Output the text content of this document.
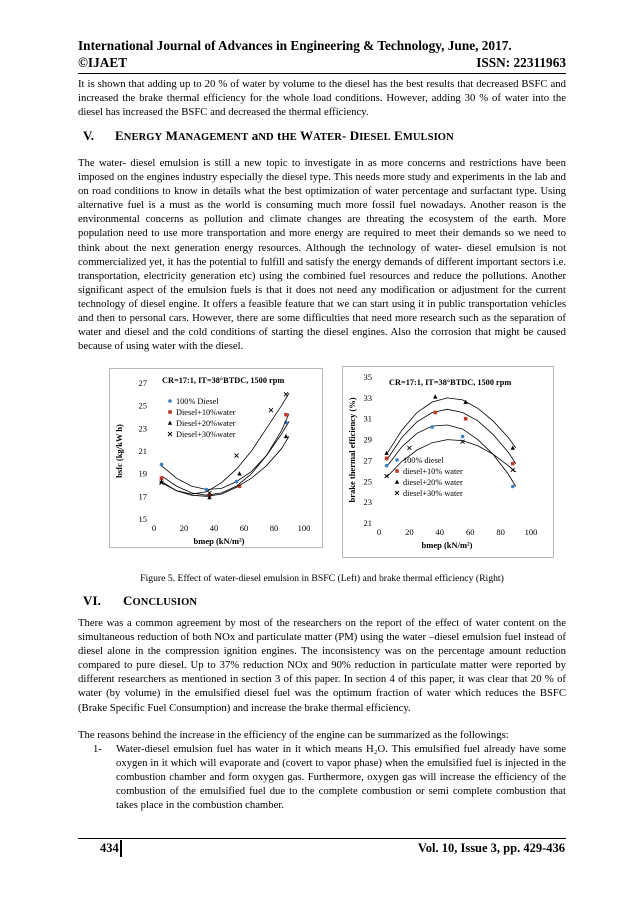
International Journal of Advances in Engineering & Technology, June, 2017.
©IJAET	ISSN: 22311963
It is shown that adding up to 20 % of water by volume to the diesel has the best results that decreased BSFC and increased the brake thermal efficiency for the whole load conditions. However, adding 30 % of water into the diesel has increased the BSFC and decreased the thermal efficiency.
V. ENERGY MANAGEMENT aND tHE WATER- DIESEL EMULSION
The water- diesel emulsion is still a new topic to investigate in as more concerns and restrictions have been imposed on the engines industry especially the diesel type. This needs more study and experiments in the lab and on road conditions to know in details what the best optimization of water percentage and surfactant type. Using alternative fuel is a must as the world is consuming much more fossil fuel nowadays. Another reason is the environmental concerns as pollution and climate changes are threating the ecosystem of the earth. More population need to use more transportation and more energy are required to meet their demands so we need to think about the next generation energy resources. Although the technology of water- diesel emulsion is not commercialized yet, it has the potential to fulfill and satisfy the energy demands of different important sectors i.e. transportation, electricity generation etc) using the combined fuel resources and reduce the pollutions. Another significant aspect of the emulsion fuels is that it does not need any modification or adjustment for the current technology of diesel engine. It offers a feasible feature that we can start using it in public transportation vehicles and then to personal cars. However, there are some difficulties that need more research such as the separation of water and diesel and the cold conditions of starting the diesel engines. Also the corrosion that might be caused because of using water with the diesel.
15
17
19
21
23
25
27
0	20	40	60	80 100
bmep (kN/m²)
bsfc (kg/kW h)
CR=17:1, IT=38°BTDC, 1500 rpm
100% Diesel
Diesel+10%water
Diesel+20%water
Diesel+30%water
21
23
25
27
29
31
33
35
0	20	40	60	80 100
bmep (kN/m²)
brake thermal efficiency (%)
CR=17:1, IT=38°BTDC, 1500 rpm
100% diesel
diesel+10% water
diesel+20% water
diesel+30% water
Figure 5. Effect of water-diesel emulsion in BSFC (Left) and brake thermal efficiency (Right)
VI. CONCLUSION
There was a common agreement by most of the researchers on the report of the effect of water content on the simultaneous reduction of both NOx and particulate matter (PM) using the water –diesel emulsion fuel instead of diesel alone in the compression ignition engines. The inconsistency was on the percentage amount reduction compared to pure diesel. Up to 37% reduction NOx and 90% reduction in particulate matter were reported by different researchers as mentioned in section 3 of this paper. In section 4 of this paper, it was clear that 20 % of water (by volume) in the emulsified diesel fuel was the optimum fraction of water which reduces the BSFC (Brake Specific Fuel Consumption) and increase the brake thermal efficiency.
The reasons behind the increase in the efficiency of the engine can be summarized as the followings:
1- Water-diesel emulsion fuel has water in it which means H₂O. This emulsified fuel already have some oxygen in it which will evaporate and (covert to vapor phase) when the emulsified fuel is injected in the combustion chamber and form oxygen gas. Furthermore, oxygen gas will increase the efficiency of the combustion of the emulsified fuel due to the complete combustion or semi complete combustion that takes place in the combustion chamber.
434	Vol. 10, Issue 3, pp. 429-436
